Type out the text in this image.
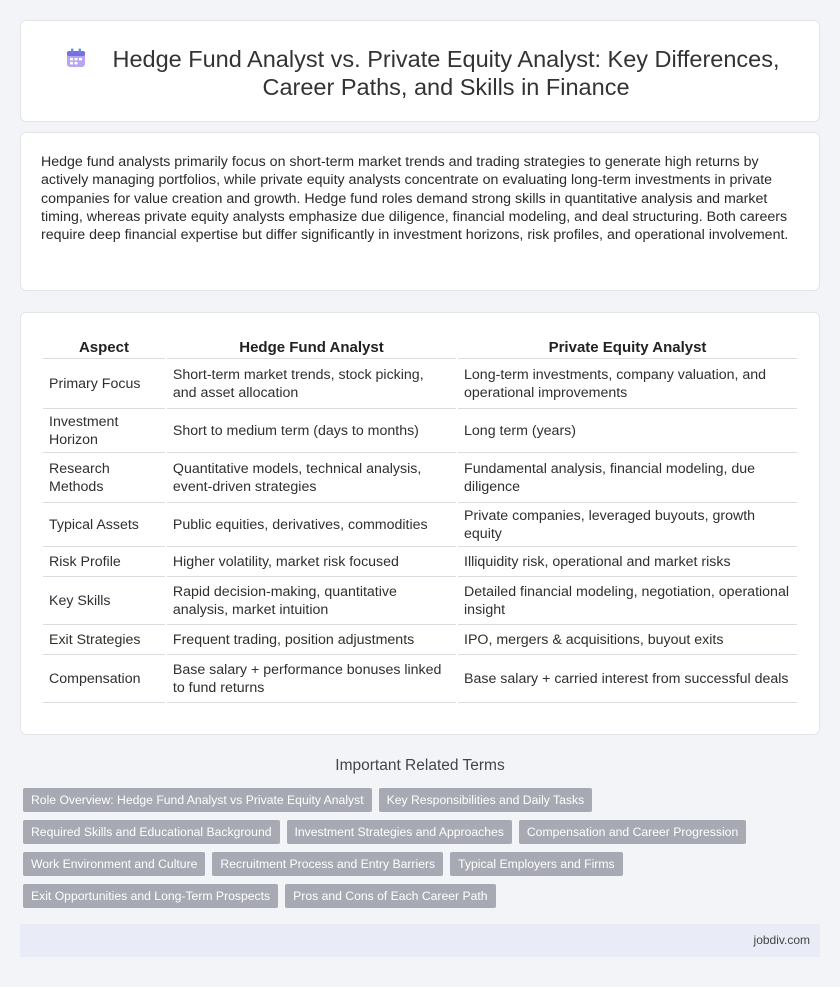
Hedge Fund Analyst vs. Private Equity Analyst: Key Differences, Career Paths, and Skills in Finance

Hedge fund analysts primarily focus on short-term market trends and trading strategies to generate high returns by actively managing portfolios, while private equity analysts concentrate on evaluating long-term investments in private companies for value creation and growth. Hedge fund roles demand strong skills in quantitative analysis and market timing, whereas private equity analysts emphasize due diligence, financial modeling, and deal structuring. Both careers require deep financial expertise but differ significantly in investment horizons, risk profiles, and operational involvement.

Aspect	Hedge Fund Analyst	Private Equity Analyst
Primary Focus	Short-term market trends, stock picking, and asset allocation	Long-term investments, company valuation, and operational improvements
Investment Horizon	Short to medium term (days to months)	Long term (years)
Research Methods	Quantitative models, technical analysis, event-driven strategies	Fundamental analysis, financial modeling, due diligence
Typical Assets	Public equities, derivatives, commodities	Private companies, leveraged buyouts, growth equity
Risk Profile	Higher volatility, market risk focused	Illiquidity risk, operational and market risks
Key Skills	Rapid decision-making, quantitative analysis, market intuition	Detailed financial modeling, negotiation, operational insight
Exit Strategies	Frequent trading, position adjustments	IPO, mergers & acquisitions, buyout exits
Compensation	Base salary + performance bonuses linked to fund returns	Base salary + carried interest from successful deals
Important Related Terms
Role Overview: Hedge Fund Analyst vs Private Equity Analyst	Key Responsibilities and Daily Tasks
Required Skills and Educational Background	Investment Strategies and Approaches	Compensation and Career Progression
Work Environment and Culture	Recruitment Process and Entry Barriers	Typical Employers and Firms
Exit Opportunities and Long-Term Prospects	Pros and Cons of Each Career Path
jobdiv.com
